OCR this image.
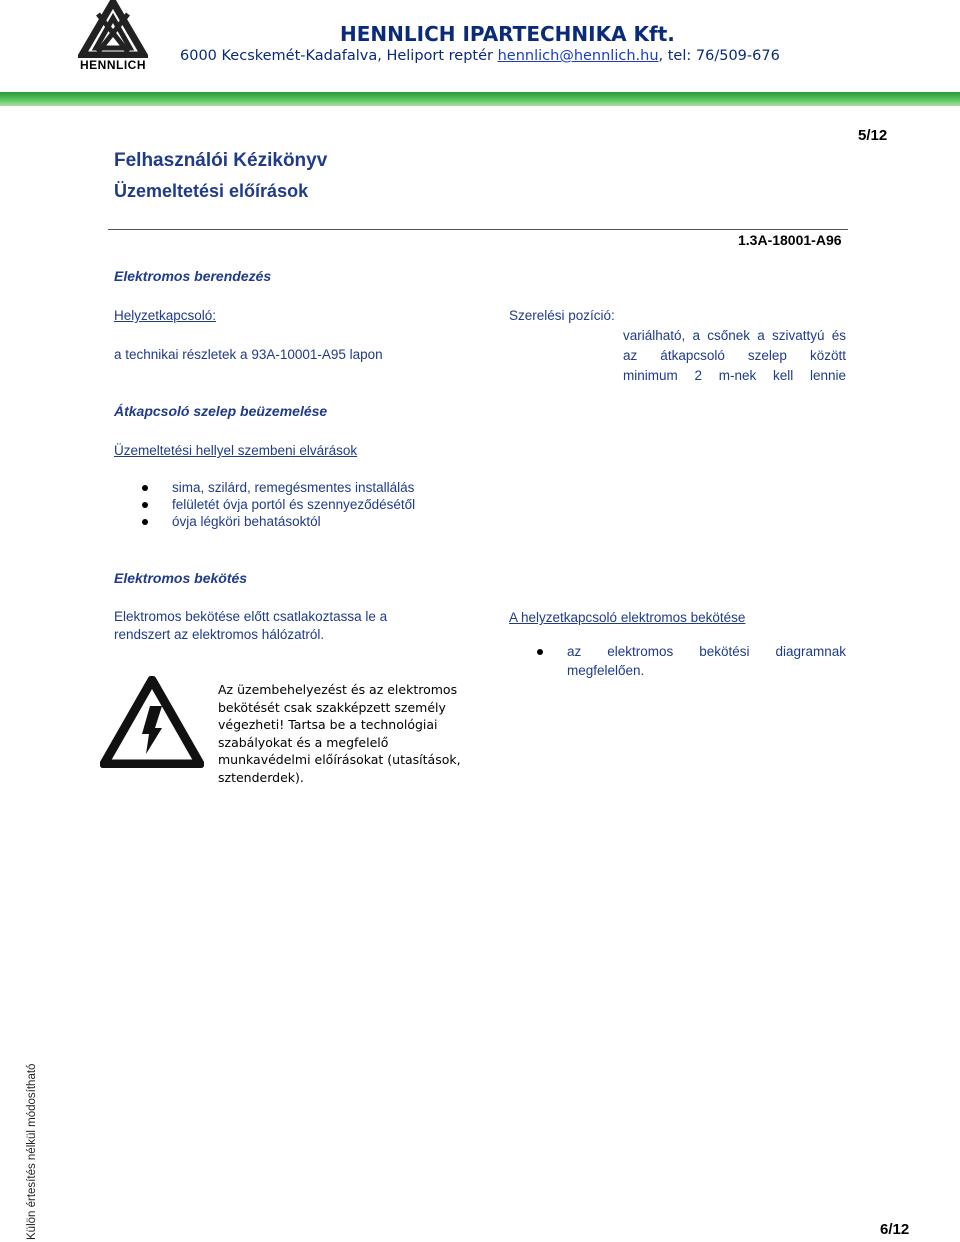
HENNLICH
HENNLICH IPARTECHNIKA Kft.
6000 Kecskemét-Kadafalva, Heliport reptér hennlich@hennlich.hu, tel: 76/509-676
5/12
Felhasználói Kézikönyv
Üzemeltetési előírások
1.3A-18001-A96
Elektromos berendezés
Helyzetkapcsoló:
a technikai részletek a 93A-10001-A95 lapon
Szerelési pozíció:
variálható, a csőnek a szivattyú és
az átkapcsoló szelep között
minimum 2 m-nek kell lennie
Átkapcsoló szelep beüzemelése
Üzemeltetési hellyel szembeni elvárások
sima, szilárd, remegésmentes installálás
felületét óvja portól és szennyeződésétől
óvja légköri behatásoktól
Elektromos bekötés
Elektromos bekötése előtt csatlakoztassa le a
rendszert az elektromos hálózatról.
A helyzetkapcsoló elektromos bekötése
az elektromos bekötési diagramnak
megfelelően.
Az üzembehelyezést és az elektromos
bekötését csak szakképzett személy
végezheti! Tartsa be a technológiai
szabályokat és a megfelelő
munkavédelmi előírásokat (utasítások,
sztenderdek).
Külön értesítés nélkül módosítható	6/12
